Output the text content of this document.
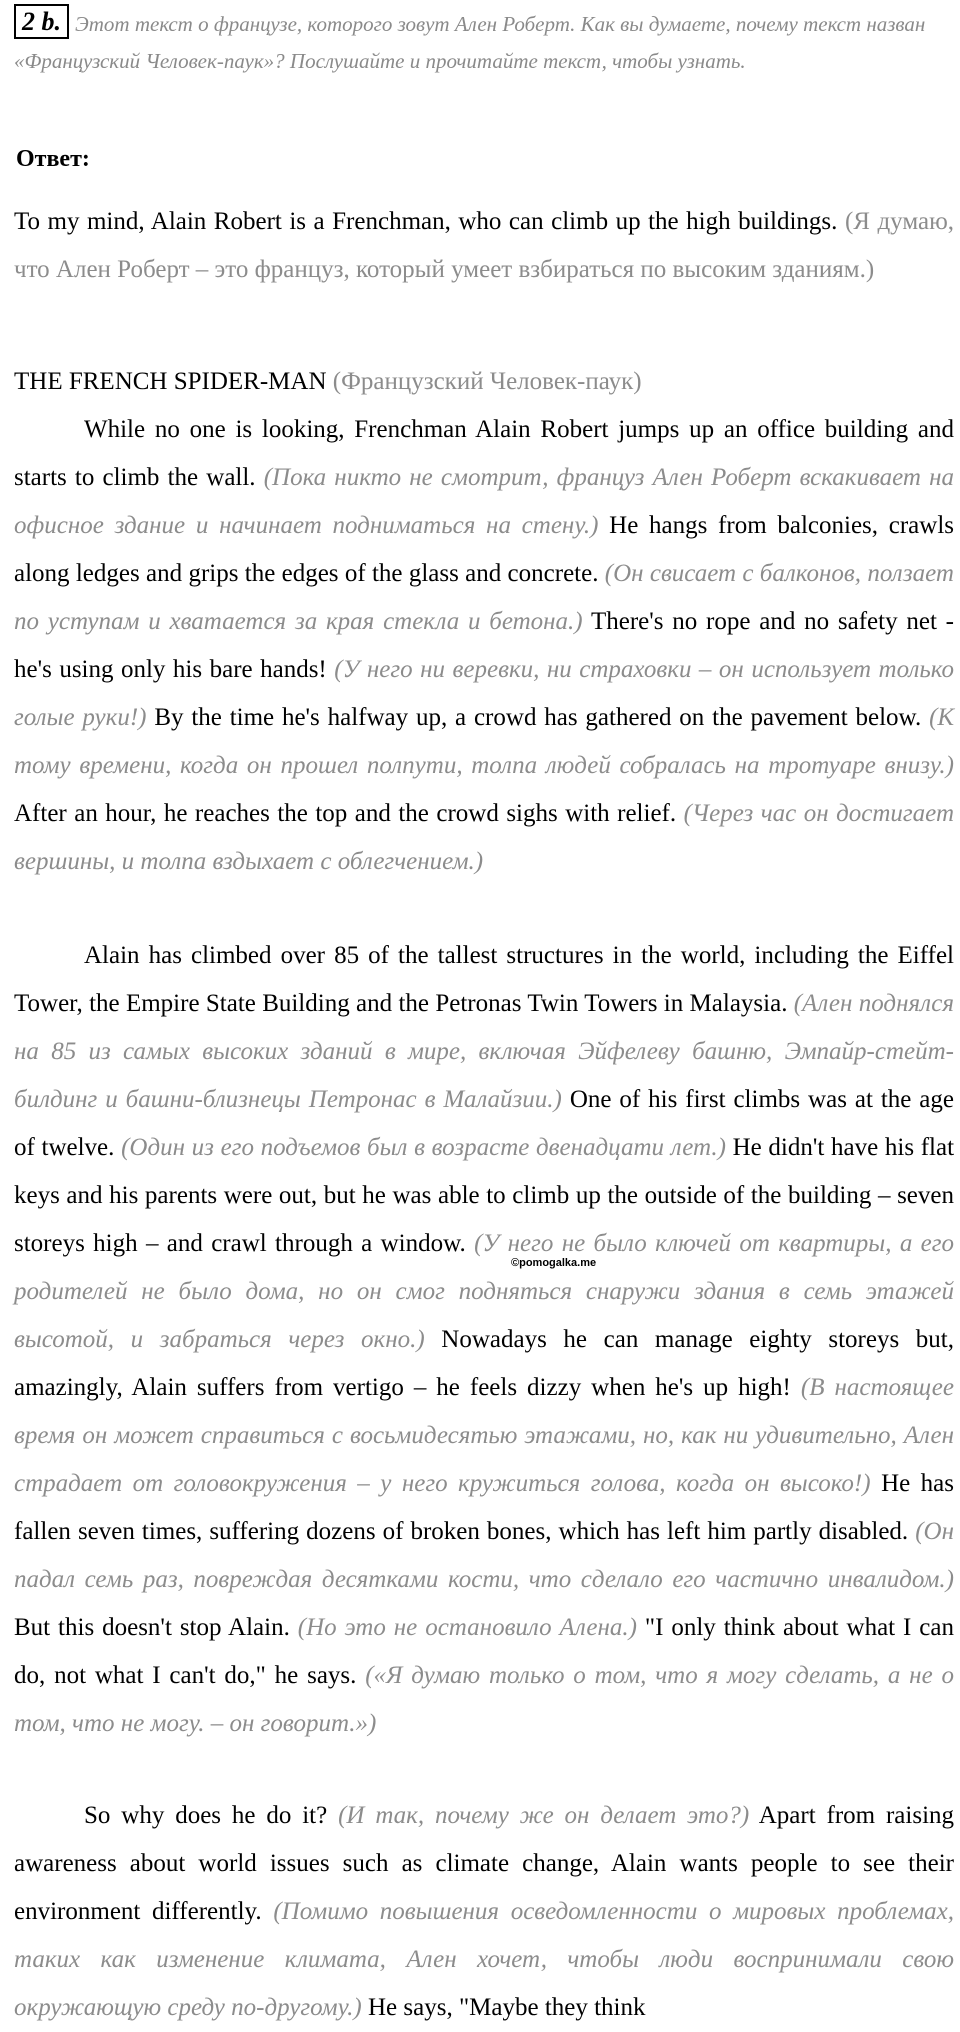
2 b. Этот текст о французе, которого зовут Ален Роберт. Как вы думаете, почему текст назван «Французский Человек-паук»? Послушайте и прочитайте текст, чтобы узнать.
Ответ:
To my mind, Alain Robert is a Frenchman, who can climb up the high buildings. (Я думаю, что Ален Роберт – это француз, который умеет взбираться по высоким зданиям.)
THE FRENCH SPIDER-MAN (Французский Человек-паук)
While no one is looking, Frenchman Alain Robert jumps up an office building and starts to climb the wall. (Пока никто не смотрит, француз Ален Роберт вскакивает на офисное здание и начинает подниматься на стену.) He hangs from balconies, crawls along ledges and grips the edges of the glass and concrete. (Он свисает с балконов, ползает по уступам и хватается за края стекла и бетона.) There's no rope and no safety net - he's using only his bare hands! (У него ни веревки, ни страховки – он использует только голые руки!) By the time he's halfway up, a crowd has gathered on the pavement below. (К тому времени, когда он прошел полпути, толпа людей собралась на тротуаре внизу.) After an hour, he reaches the top and the crowd sighs with relief. (Через час он достигает вершины, и толпа вздыхает с облегчением.)
Alain has climbed over 85 of the tallest structures in the world, including the Eiffel Tower, the Empire State Building and the Petronas Twin Towers in Malaysia. (Ален поднялся на 85 из самых высоких зданий в мире, включая Эйфелеву башню, Эмпайр-стейт-билдинг и башни-близнецы Петронас в Малайзии.) One of his first climbs was at the age of twelve. (Один из его подъемов был в возрасте двенадцати лет.) He didn't have his flat keys and his parents were out, but he was able to climb up the outside of the building – seven storeys high – and crawl through a window. (У него не было ключей от квартиры, а его родителей не было дома, но он смог подняться снаружи здания в семь этажей высотой, и забраться через окно.) Nowadays he can manage eighty storeys but, amazingly, Alain suffers from vertigo – he feels dizzy when he's up high! (В настоящее время он может справиться с восьмидесятью этажами, но, как ни удивительно, Ален страдает от головокружения – у него кружиться голова, когда он высоко!) He has fallen seven times, suffering dozens of broken bones, which has left him partly disabled. (Он падал семь раз, повреждая десятками кости, что сделало его частично инвалидом.) But this doesn't stop Alain. (Но это не остановило Алена.) "I only think about what I can do, not what I can't do," he says. («Я думаю только о том, что я могу сделать, а не о том, что не могу. – он говорит.»)
So why does he do it? (И так, почему же он делает это?) Apart from raising awareness about world issues such as climate change, Alain wants people to see their environment differently. (Помимо повышения осведомленности о мировых проблемах, таких как изменение климата, Ален хочет, чтобы люди воспринимали свою окружающую среду по-другому.) He says, "Maybe they think
©pomogalka.me
